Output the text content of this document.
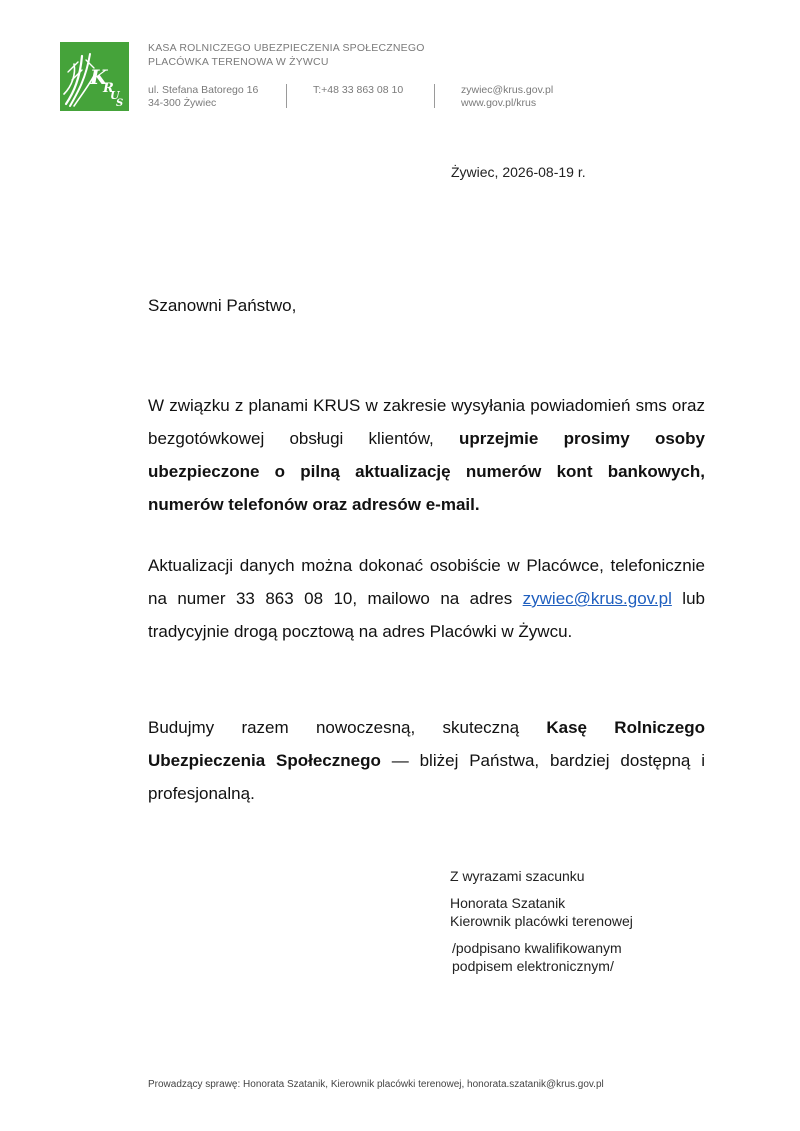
K
R
U
S
KASA ROLNICZEGO UBEZPIECZENIA SPOŁECZNEGO
PLACÓWKA TERENOWA W ŻYWCU
ul. Stefana Batorego 16
34-300 Żywiec
T:+48 33 863 08 10	zywiec@krus.gov.pl
www.gov.pl/krus
Żywiec, 2026-08-19 r.
Szanowni Państwo,
W związku z planami KRUS w zakresie wysyłania powiadomień sms oraz bezgotówkowej obsługi klientów, uprzejmie prosimy osoby ubezpieczone o pilną aktualizację numerów kont bankowych, numerów telefonów oraz adresów e-mail.
Aktualizacji danych można dokonać osobiście w Placówce, telefonicznie na numer 33 863 08 10, mailowo na adres zywiec@krus.gov.pl lub tradycyjnie drogą pocztową na adres Placówki w Żywcu.
Budujmy razem nowoczesną, skuteczną Kasę Rolniczego Ubezpieczenia Społecznego — bliżej Państwa, bardziej dostępną i profesjonalną.
Z wyrazami szacunku
Honorata Szatanik
Kierownik placówki terenowej
/podpisano kwalifikowanym
podpisem elektronicznym/
Prowadzący sprawę: Honorata Szatanik, Kierownik placówki terenowej, honorata.szatanik@krus.gov.pl
